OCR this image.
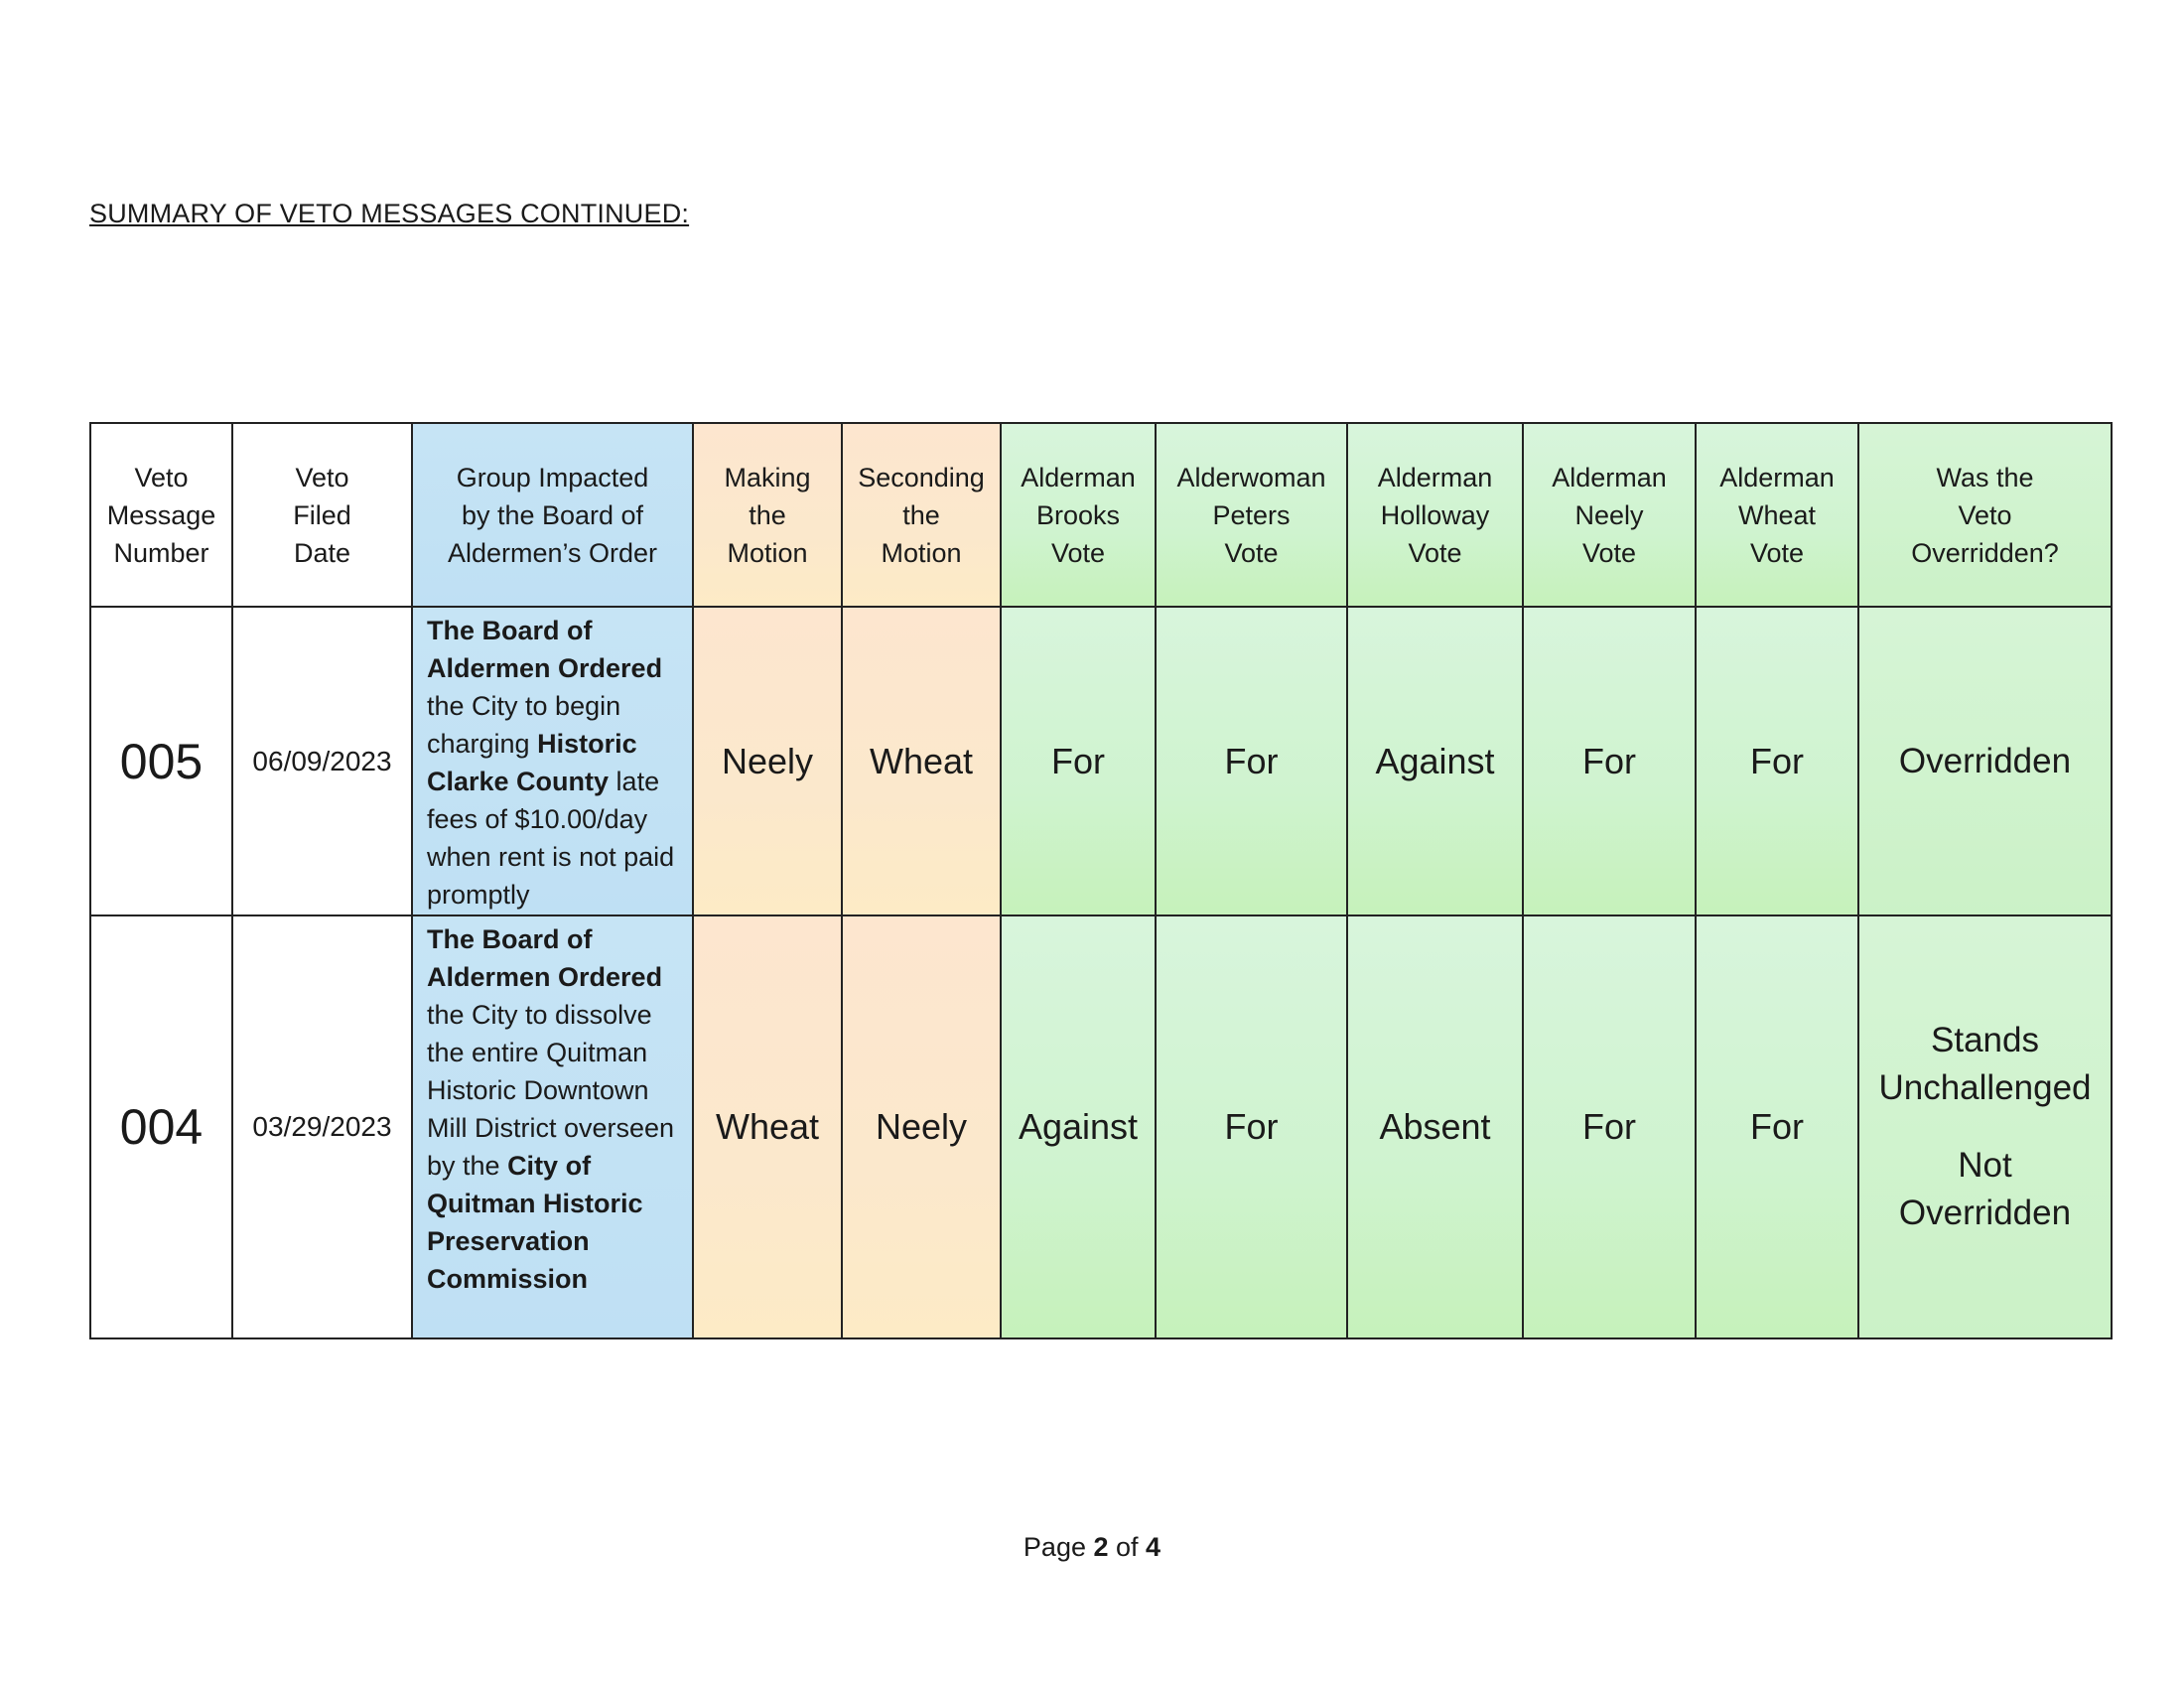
SUMMARY OF VETO MESSAGES CONTINUED:
Veto
Message
Number	Veto
Filed
Date	Group Impacted
by the Board of
Aldermen’s Order	Making
the
Motion	Seconding
the
Motion	Alderman
Brooks
Vote	Alderwoman
Peters
Vote	Alderman
Holloway
Vote	Alderman
Neely
Vote	Alderman
Wheat
Vote	Was the
Veto
Overridden?
005	06/09/2023	The Board of Aldermen Ordered the City to begin charging Historic Clarke County late fees of $10.00/day when rent is not paid promptly	Neely	Wheat	For	For	Against	For	For	Overridden
004	03/29/2023	The Board of Aldermen Ordered the City to dissolve the entire Quitman Historic Downtown Mill District overseen by the City of Quitman Historic Preservation Commission	Wheat	Neely	Against	For	Absent	For	For	Stands
Unchallenged
Not
Overridden
Page 2 of 4
